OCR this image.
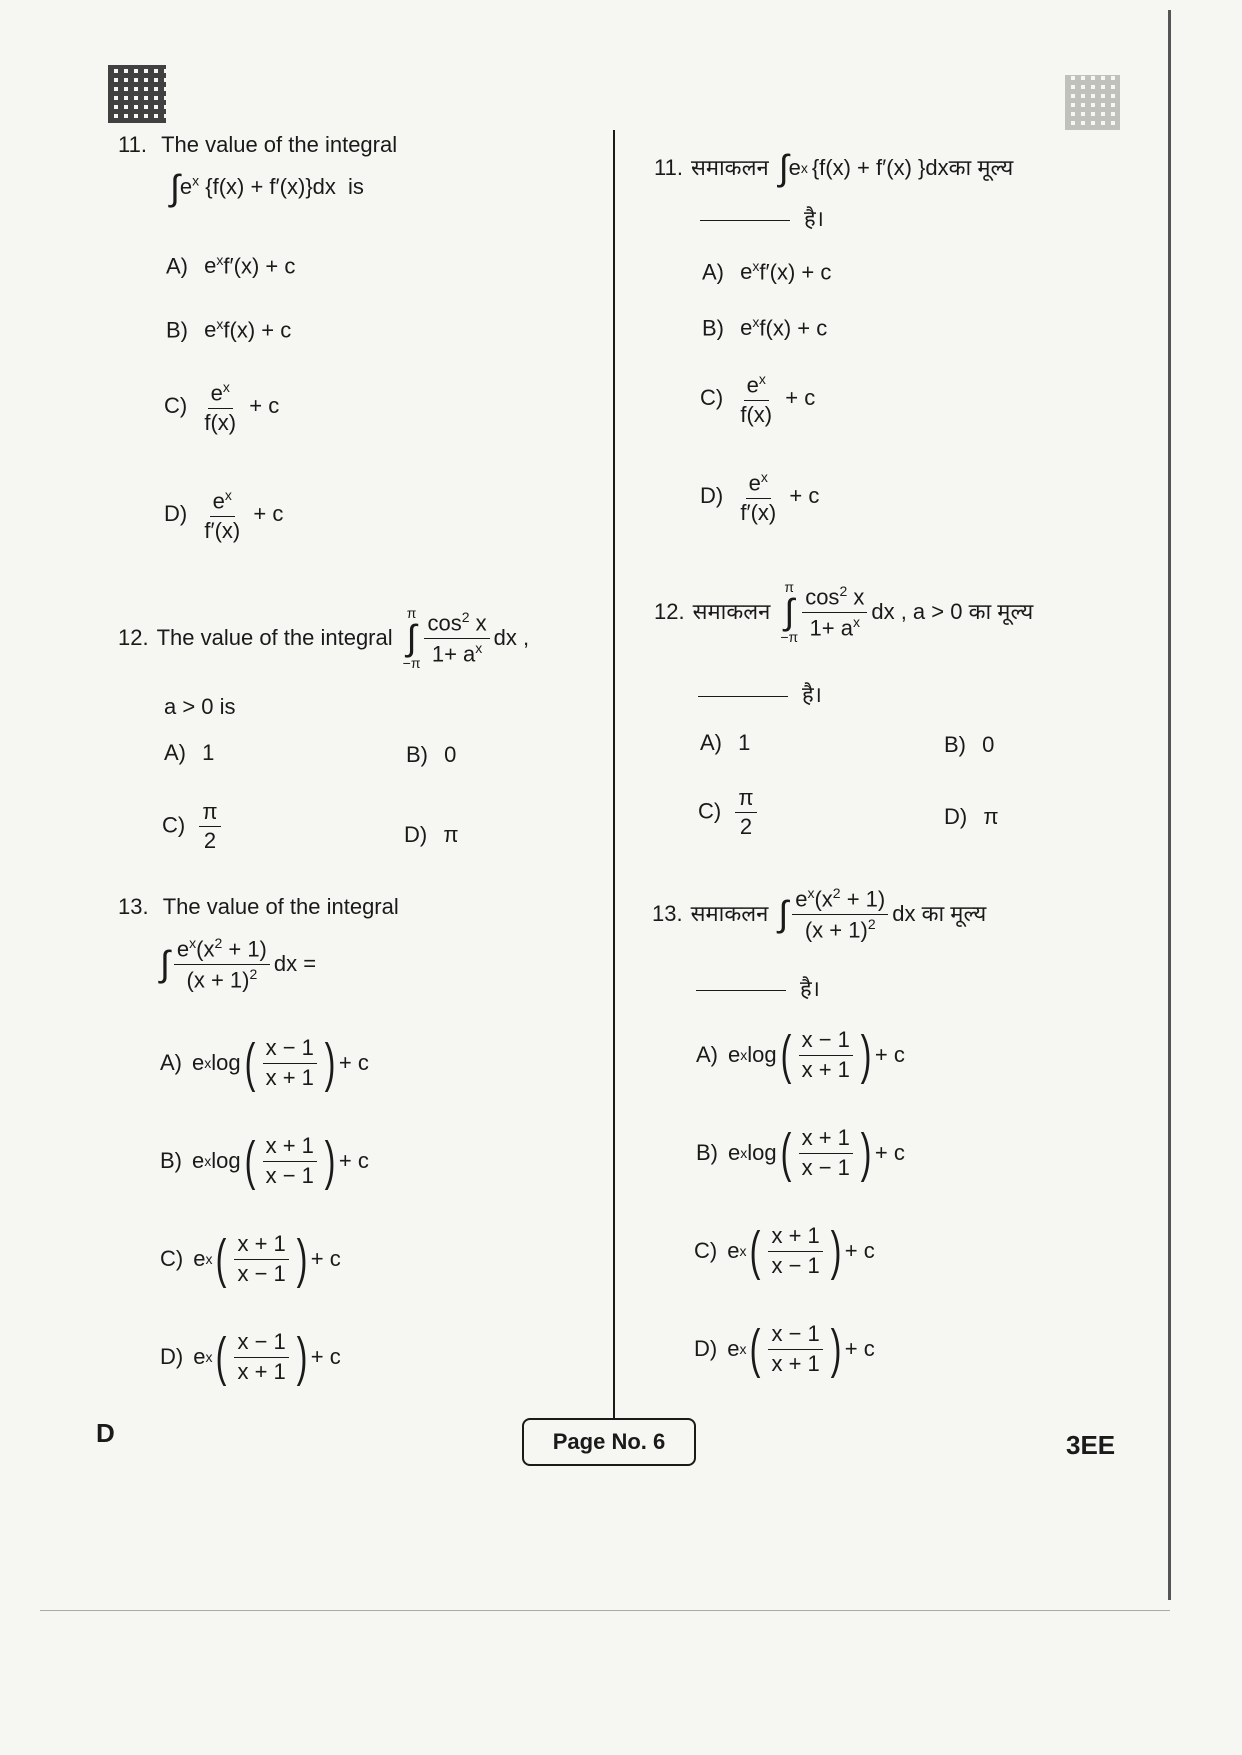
11. The value of the integral
$\int e^x$ {f(x) + f′(x)}dx is
A) $e^xf'(x) + c$
B) $e^xf(x) + c$
$C) \frac{e^x}{f(x)} + c$
$D) \frac{e^x}{f'(x)} + c$
12. The value of the integral
π
∫
$-\pi \frac{\cos^2 x}{1+ a^x}$ dx ,
a > 0 is
A) 1	B) 0
$C) \frac{\pi}{2}$	D) π
13. The value of the integral
∫ $\frac{e^x(x^2 + 1)}{(x + 1)^2}$ dx =
A) e x log ( $\frac{x - 1}{x + 1}$ ) + c
B) e x log ( $\frac{x + 1}{x - 1}$ ) + c
C) e x ( $\frac{x + 1}{x - 1}$ ) + c
D) e x ( $\frac{x - 1}{x + 1}$ ) + c
11. समाकलन ∫ e x {f(x) + f′(x) }dx का मूल्य
है।
A) $e^xf'(x) + c$
B) $e^xf(x) + c$
$C) \frac{e^x}{f(x)} + c$
$D) \frac{e^x}{f'(x)} + c$
12. समाकलन
π
∫
$-\pi \frac{\cos^2 x}{1+ a^x}$ dx , a > 0 का मूल्य
है।
A) 1	B) 0
$C) \frac{\pi}{2}$	D) π
13. समाकलन ∫ $\frac{e^x(x^2 + 1)}{(x + 1)^2}$ dx का मूल्य
है।
A) e x log ( $\frac{x - 1}{x + 1}$ ) + c
B) e x log ( $\frac{x + 1}{x - 1}$ ) + c
C) e x ( $\frac{x + 1}{x - 1}$ ) + c
D) e x ( $\frac{x - 1}{x + 1}$ ) + c
D	Page No. 6	3EE
